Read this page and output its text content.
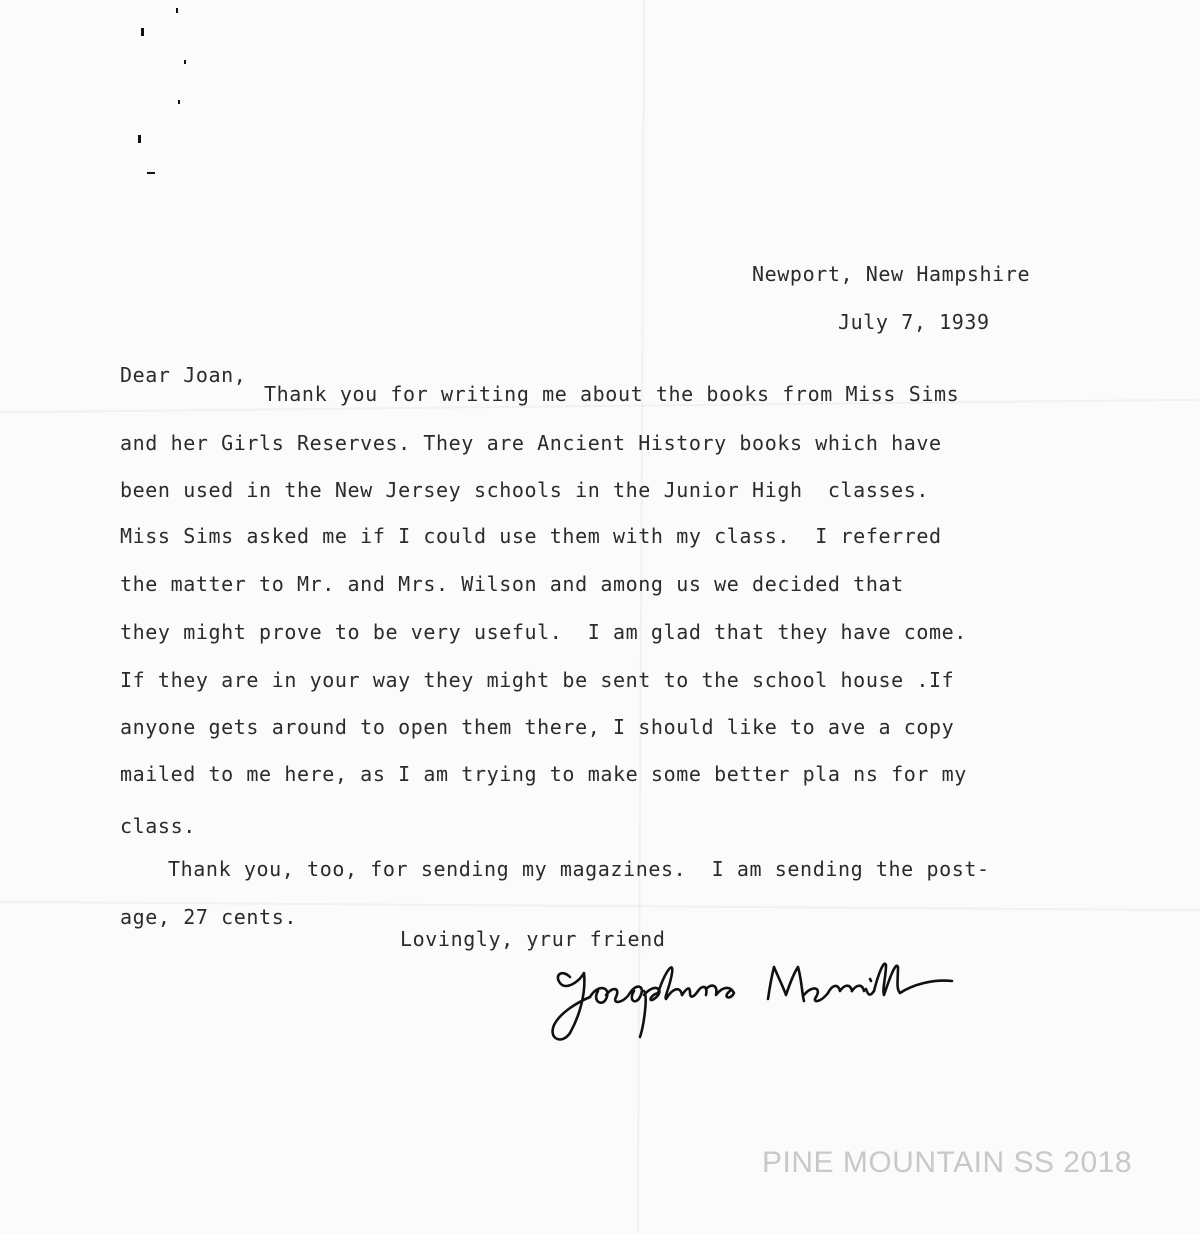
Newport, New Hampshire
July 7, 1939
Dear Joan,
Thank you for writing me about the books from Miss Sims
and her Girls Reserves. They are Ancient History books which have
been used in the New Jersey schools in the Junior High  classes.
Miss Sims asked me if I could use them with my class.  I referred
the matter to Mr. and Mrs. Wilson and among us we decided that
they might prove to be very useful.  I am glad that they have come.
If they are in your way they might be sent to the school house .If
anyone gets around to open them there, I should like to ave a copy
mailed to me here, as I am trying to make some better pla ns for my
class.
Thank you, too, for sending my magazines.  I am sending the post-
age, 27 cents.
Lovingly, yrur friend
PINE MOUNTAIN SS 2018
